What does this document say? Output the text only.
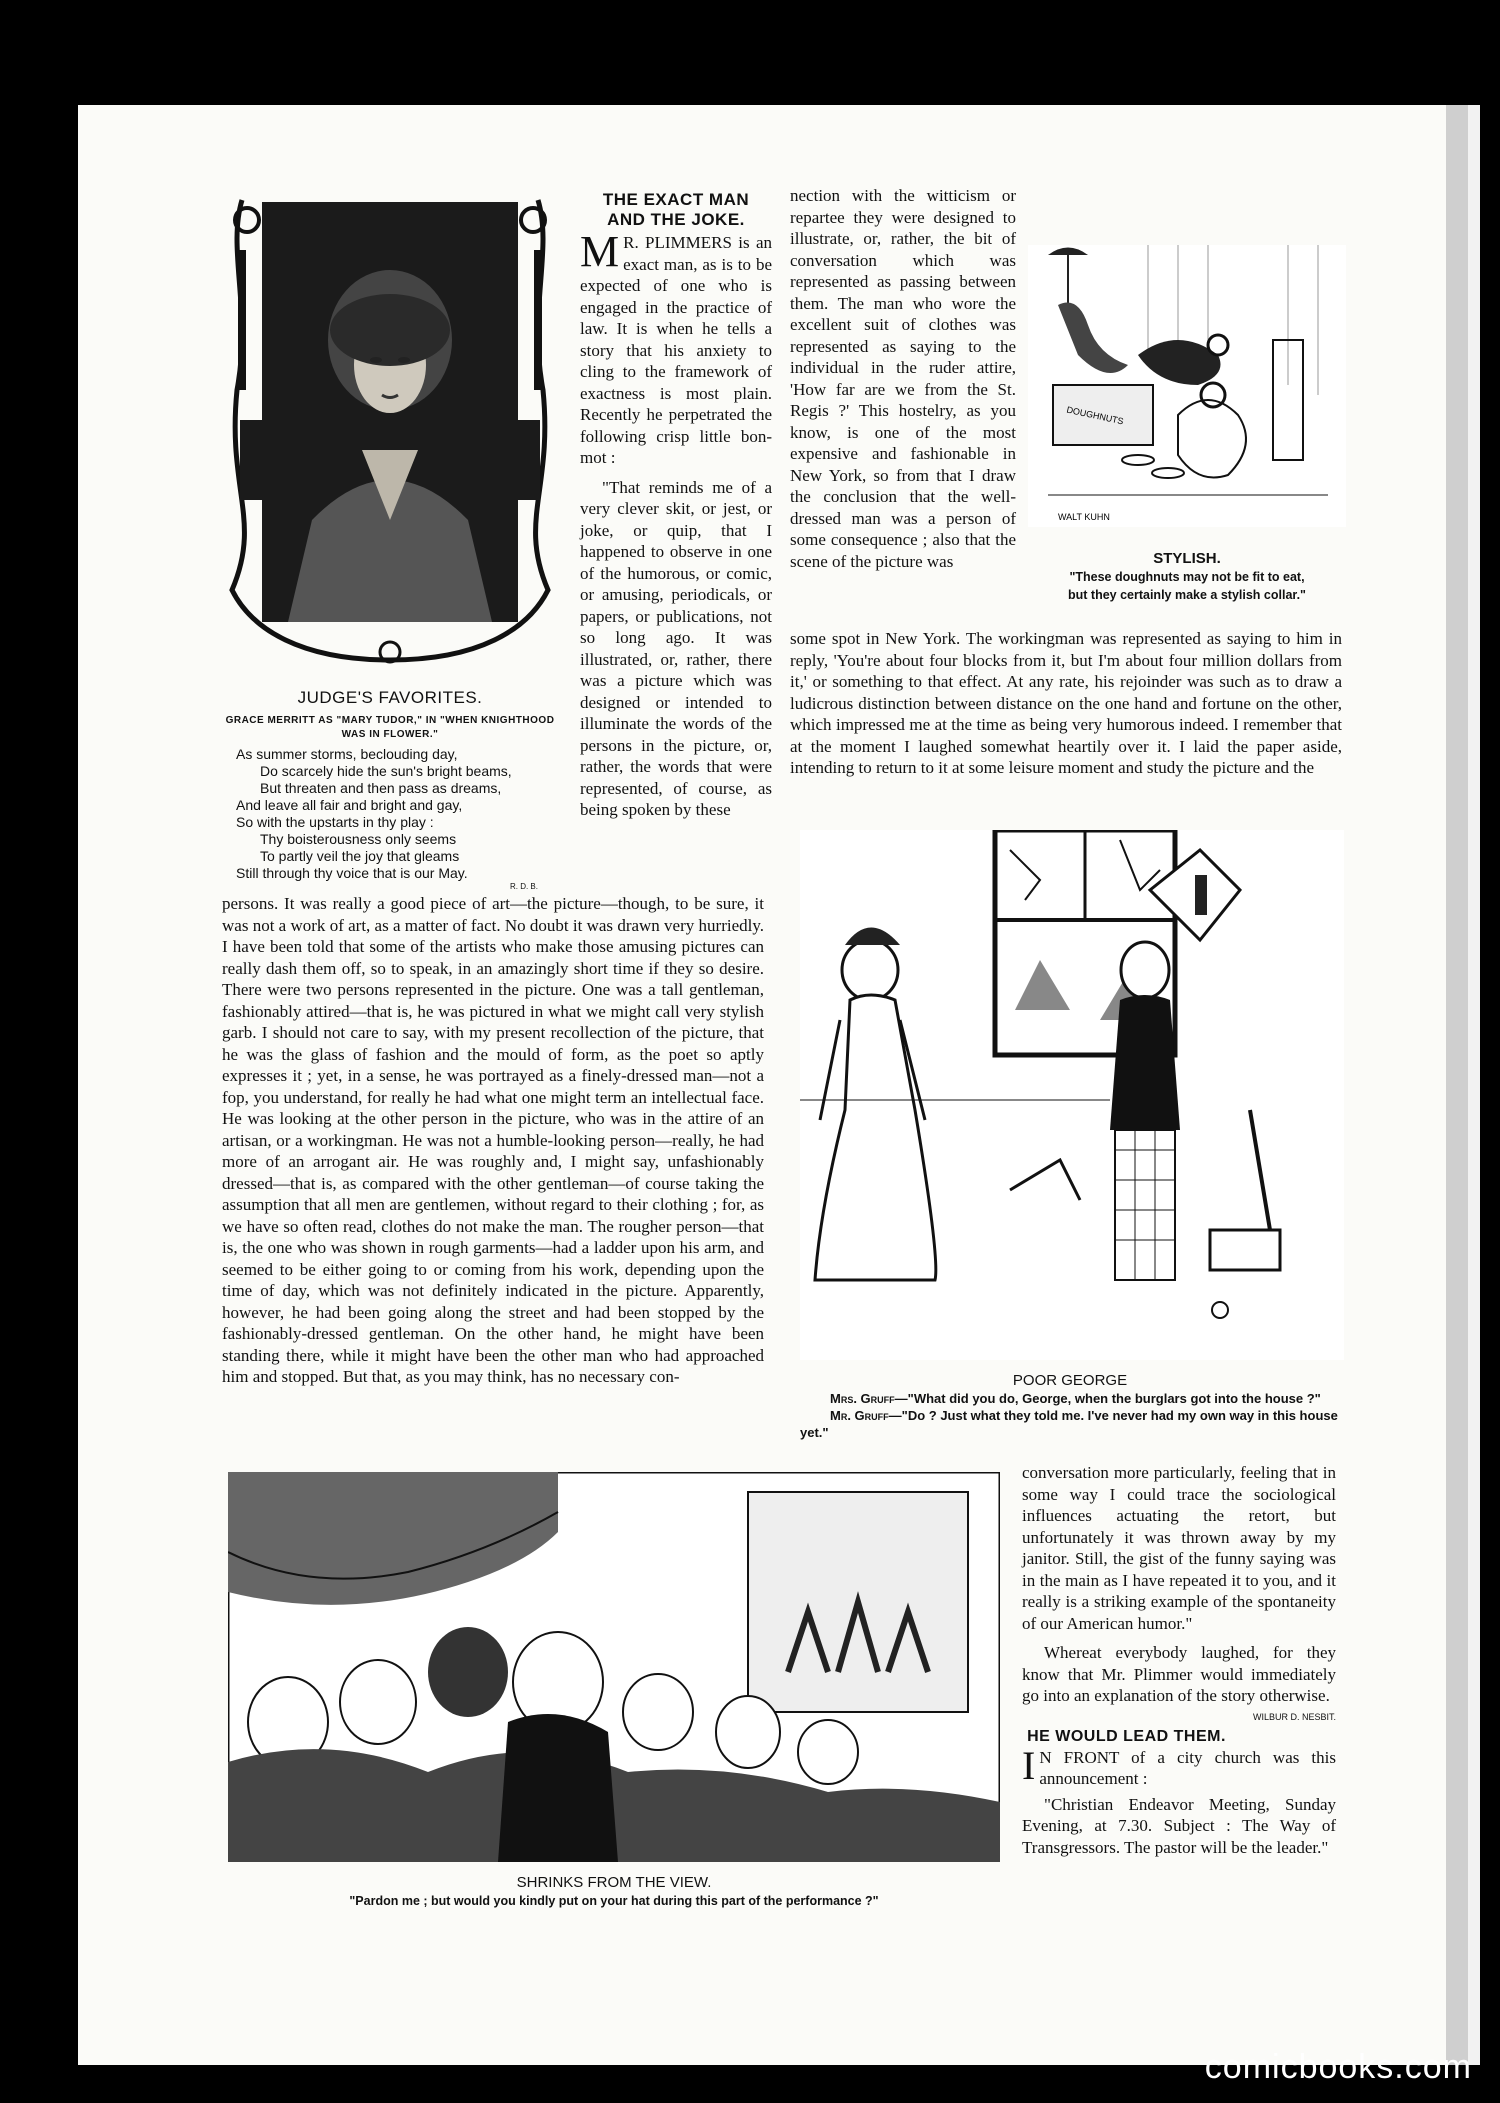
JUDGE'S FAVORITES.
GRACE MERRITT AS "MARY TUDOR," IN "WHEN KNIGHTHOOD WAS IN FLOWER."
As summer storms, beclouding day,
Do scarcely hide the sun's bright beams,
But threaten and then pass as dreams,
And leave all fair and bright and gay,
So with the upstarts in thy play :
Thy boisterousness only seems
To partly veil the joy that gleams
Still through thy voice that is our May.
R. D. B.
THE EXACT MAN
AND THE JOKE.

M R. PLIMMERS is an exact man, as is to be expected of one who is engaged in the practice of law. It is when he tells a story that his anxiety to cling to the framework of exactness is most plain. Recently he perpetrated the following crisp little bon-mot :

"That reminds me of a very clever skit, or jest, or joke, or quip, that I happened to observe in one of the humorous, or comic, or amusing, periodicals, or papers, or publications, not so long ago. It was illustrated, or, rather, there was a picture which was designed or intended to illuminate the words of the persons in the picture, or, rather, the words that were represented, of course, as being spoken by these

nection with the witticism or repartee they were designed to illustrate, or, rather, the bit of conversation which was represented as passing between them. The man who wore the excellent suit of clothes was represented as saying to the individual in the ruder attire, 'How far are we from the St. Regis ?' This hostelry, as you know, is one of the most expensive and fashionable in New York, so from that I draw the conclusion that the well-dressed man was a person of some consequence ; also that the scene of the picture was

DOUGHNUTS
WALT KUHN
STYLISH.
"These doughnuts may not be fit to eat,
but they certainly make a stylish collar."

some spot in New York. The workingman was represented as saying to him in reply, 'You're about four blocks from it, but I'm about four million dollars from it,' or something to that effect. At any rate, his rejoinder was such as to draw a ludicrous distinction between distance on the one hand and fortune on the other, which impressed me at the time as being very humorous indeed. I remember that at the moment I laughed somewhat heartily over it. I laid the paper aside, intending to return to it at some leisure moment and study the picture and the

persons. It was really a good piece of art—the picture—though, to be sure, it was not a work of art, as a matter of fact. No doubt it was drawn very hurriedly. I have been told that some of the artists who make those amusing pictures can really dash them off, so to speak, in an amazingly short time if they so desire. There were two persons represented in the picture. One was a tall gentleman, fashionably attired—that is, he was pictured in what we might call very stylish garb. I should not care to say, with my present recollection of the picture, that he was the glass of fashion and the mould of form, as the poet so aptly expresses it ; yet, in a sense, he was portrayed as a finely-dressed man—not a fop, you understand, for really he had what one might term an intellectual face. He was looking at the other person in the picture, who was in the attire of an artisan, or a workingman. He was not a humble-looking person—really, he had more of an arrogant air. He was roughly and, I might say, unfashionably dressed—that is, as compared with the other gentleman—of course taking the assumption that all men are gentlemen, without regard to their clothing ; for, as we have so often read, clothes do not make the man. The rougher person—that is, the one who was shown in rough garments—had a ladder upon his arm, and seemed to be either going to or coming from his work, depending upon the time of day, which was not definitely indicated in the picture. Apparently, however, he had been going along the street and had been stopped by the fashionably-dressed gentleman. On the other hand, he might have been standing there, while it might have been the other man who had approached him and stopped. But that, as you may think, has no necessary con-	POOR GEORGE
Mrs. Gruff—"What did you do, George, when the burglars got into the house ?"
Mr. Gruff—"Do ? Just what they told me. I've never had my own way in this house yet."
SHRINKS FROM THE VIEW.
"Pardon me ; but would you kindly put on your hat during this part of the performance ?"

conversation more particularly, feeling that in some way I could trace the sociological influences actuating the retort, but unfortunately it was thrown away by my janitor. Still, the gist of the funny saying was in the main as I have repeated it to you, and it really is a striking example of the spontaneity of our American humor."

Whereat everybody laughed, for they know that Mr. Plimmer would immediately go into an explanation of the story otherwise.
WILBUR D. NESBIT.

HE WOULD LEAD THEM.

I N FRONT of a city church was this announcement :

"Christian Endeavor Meeting, Sunday Evening, at 7.30. Subject : The Way of Transgressors. The pastor will be the leader."

comicbooks.com
